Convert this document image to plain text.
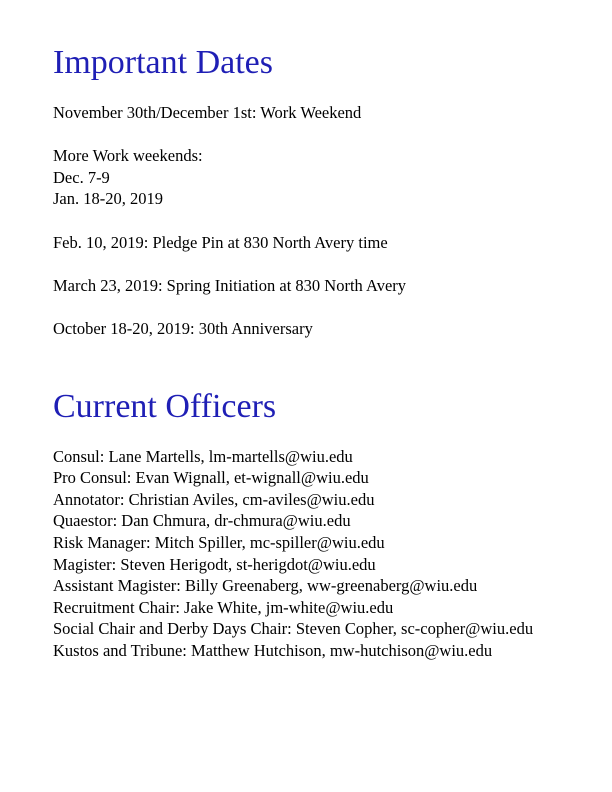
Important Dates
November 30th/December 1st: Work Weekend
More Work weekends:
Dec. 7-9
Jan. 18-20, 2019
Feb. 10, 2019: Pledge Pin at 830 North Avery time
March 23, 2019: Spring Initiation at 830 North Avery
October 18-20, 2019: 30th Anniversary
Current Officers
Consul: Lane Martells, lm-martells@wiu.edu
Pro Consul: Evan Wignall, et-wignall@wiu.edu
Annotator: Christian Aviles, cm-aviles@wiu.edu
Quaestor: Dan Chmura, dr-chmura@wiu.edu
Risk Manager: Mitch Spiller, mc-spiller@wiu.edu
Magister: Steven Herigodt, st-herigdot@wiu.edu
Assistant Magister: Billy Greenaberg, ww-greenaberg@wiu.edu
Recruitment Chair: Jake White, jm-white@wiu.edu
Social Chair and Derby Days Chair: Steven Copher, sc-copher@wiu.edu
Kustos and Tribune: Matthew Hutchison, mw-hutchison@wiu.edu
